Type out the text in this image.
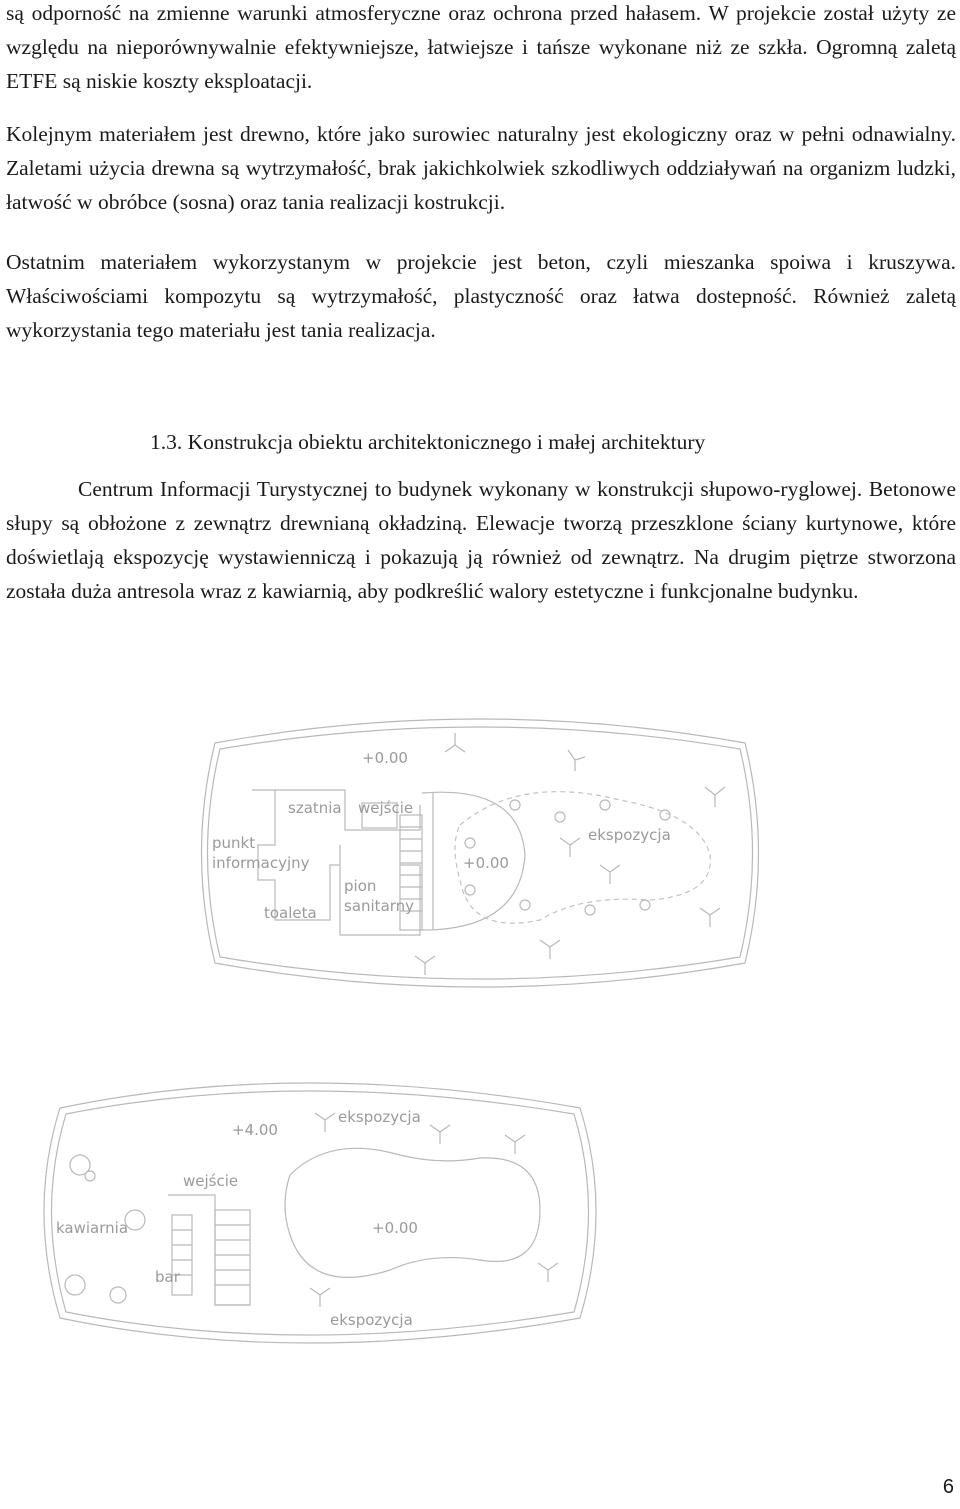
są odporność na zmienne warunki atmosferyczne oraz ochrona przed hałasem. W projekcie został użyty ze względu na nieporównywalnie efektywniejsze, łatwiejsze i tańsze wykonane niż ze szkła. Ogromną zaletą ETFE są niskie koszty eksploatacji.

Kolejnym materiałem jest drewno, które jako surowiec naturalny jest ekologiczny oraz w pełni odnawialny. Zaletami użycia drewna są wytrzymałość, brak jakichkolwiek szkodliwych oddziaływań na organizm ludzki, łatwość w obróbce (sosna) oraz tania realizacji kostrukcji.

Ostatnim materiałem wykorzystanym w projekcie jest beton, czyli mieszanka spoiwa i kruszywa. Właściwościami kompozytu są wytrzymałość, plastyczność oraz łatwa dostepność. Również zaletą wykorzystania tego materiału jest tania realizacja.

1.3. Konstrukcja obiektu architektonicznego i małej architektury

Centrum Informacji Turystycznej to budynek wykonany w konstrukcji słupowo-ryglowej. Betonowe słupy są obłożone z zewnątrz drewnianą okładziną. Elewacje tworzą przeszklone ściany kurtynowe, które doświetlają ekspozycję wystawienniczą i pokazują ją również od zewnątrz. Na drugim piętrze stworzona została duża antresola wraz z kawiarnią, aby podkreślić walory estetyczne i funkcjonalne budynku.

+0.00
szatnia wejście
punkt
informacyjny
toaleta
pion
sanitarny
+0.00
ekspozycja
+4.00
ekspozycja
wejście
kawiarnia	+0.00
bar
ekspozycja
6
